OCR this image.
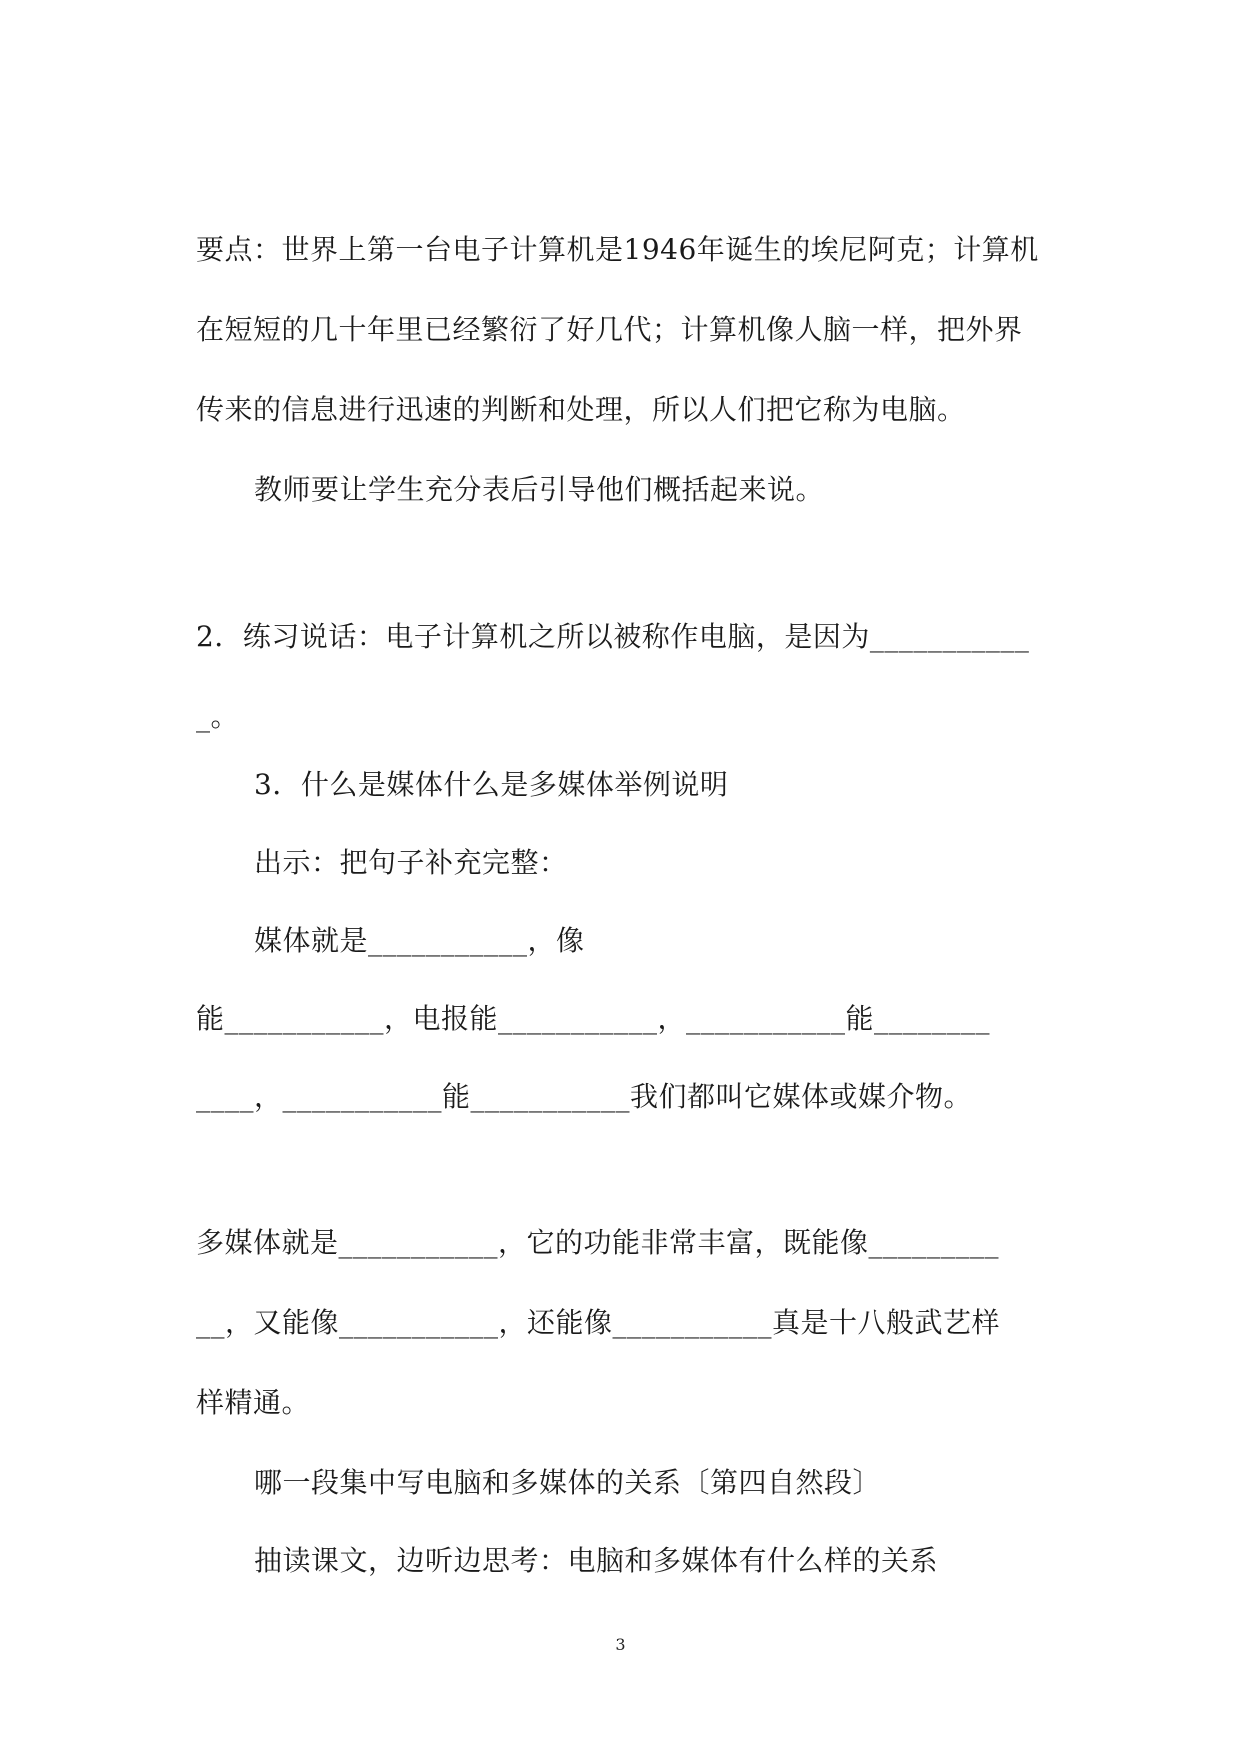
要点：世界上第一台电子计算机是1946年诞生的埃尼阿克；计算机
在短短的几十年里已经繁衍了好几代；计算机像人脑一样，把外界
传来的信息进行迅速的判断和处理，所以人们把它称为电脑。
教师要让学生充分表后引导他们概括起来说。
2．练习说话：电子计算机之所以被称作电脑，是因为___________
_。
3．什么是媒体什么是多媒体举例说明
出示：把句子补充完整：
媒体就是___________，像
能___________，电报能___________，___________能________
____，___________能___________我们都叫它媒体或媒介物。
多媒体就是___________，它的功能非常丰富，既能像_________
__，又能像___________，还能像___________真是十八般武艺样
样精通。
哪一段集中写电脑和多媒体的关系〔第四自然段〕
抽读课文，边听边思考：电脑和多媒体有什么样的关系
3
